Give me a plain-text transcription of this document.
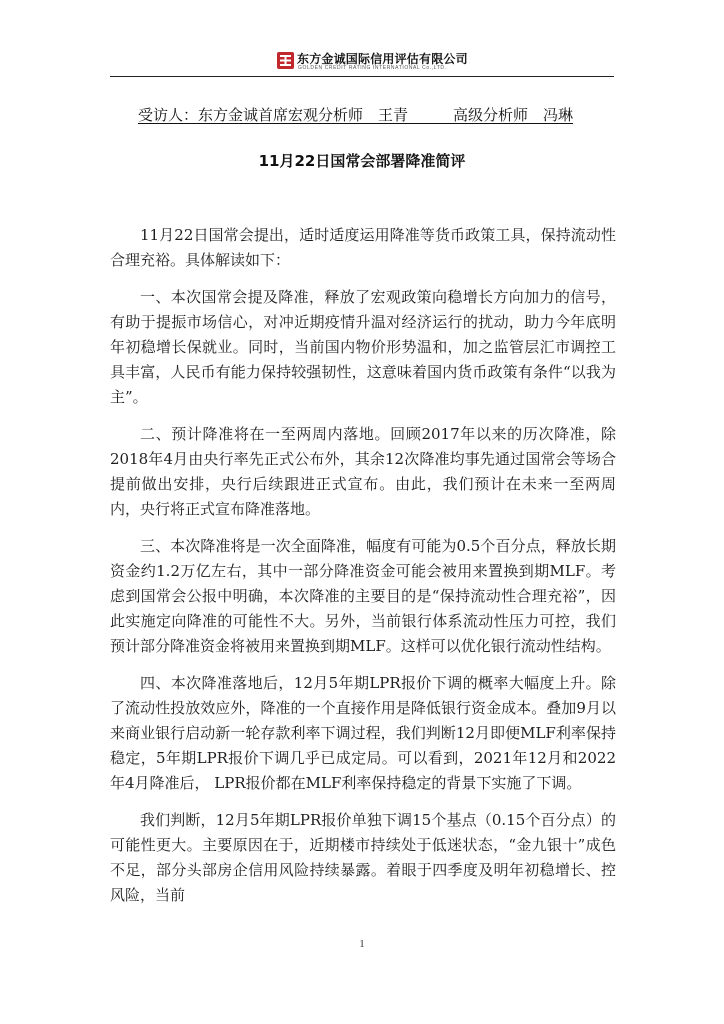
东方金诚国际信用评估有限公司
GOLDEN CREDIT RATING INTERNATIONAL Co.,LTD.
受访人：东方金诚首席宏观分析师　王青　　　高级分析师　冯琳
11月22日国常会部署降准简评

11月22日国常会提出，适时适度运用降准等货币政策工具，保持流动性合理充裕。具体解读如下：

一、本次国常会提及降准，释放了宏观政策向稳增长方向加力的信号，有助于提振市场信心，对冲近期疫情升温对经济运行的扰动，助力今年底明年初稳增长保就业。同时，当前国内物价形势温和，加之监管层汇市调控工具丰富，人民币有能力保持较强韧性，这意味着国内货币政策有条件“以我为主”。

二、预计降准将在一至两周内落地。回顾2017年以来的历次降准，除2018年4月由央行率先正式公布外，其余12次降准均事先通过国常会等场合提前做出安排，央行后续跟进正式宣布。由此，我们预计在未来一至两周内，央行将正式宣布降准落地。

三、本次降准将是一次全面降准，幅度有可能为0.5个百分点，释放长期资金约1.2万亿左右，其中一部分降准资金可能会被用来置换到期MLF。考虑到国常会公报中明确，本次降准的主要目的是“保持流动性合理充裕”，因此实施定向降准的可能性不大。另外，当前银行体系流动性压力可控，我们预计部分降准资金将被用来置换到期MLF。这样可以优化银行流动性结构。

四、本次降准落地后，12月5年期LPR报价下调的概率大幅度上升。除了流动性投放效应外，降准的一个直接作用是降低银行资金成本。叠加9月以来商业银行启动新一轮存款利率下调过程，我们判断12月即便MLF利率保持稳定，5年期LPR报价下调几乎已成定局。可以看到，2021年12月和2022年4月降准后， LPR报价都在MLF利率保持稳定的背景下实施了下调。

我们判断，12月5年期LPR报价单独下调15个基点（0.15个百分点）的可能性更大。主要原因在于，近期楼市持续处于低迷状态，“金九银十”成色不足，部分头部房企信用风险持续暴露。着眼于四季度及明年初稳增长、控风险，当前

1
